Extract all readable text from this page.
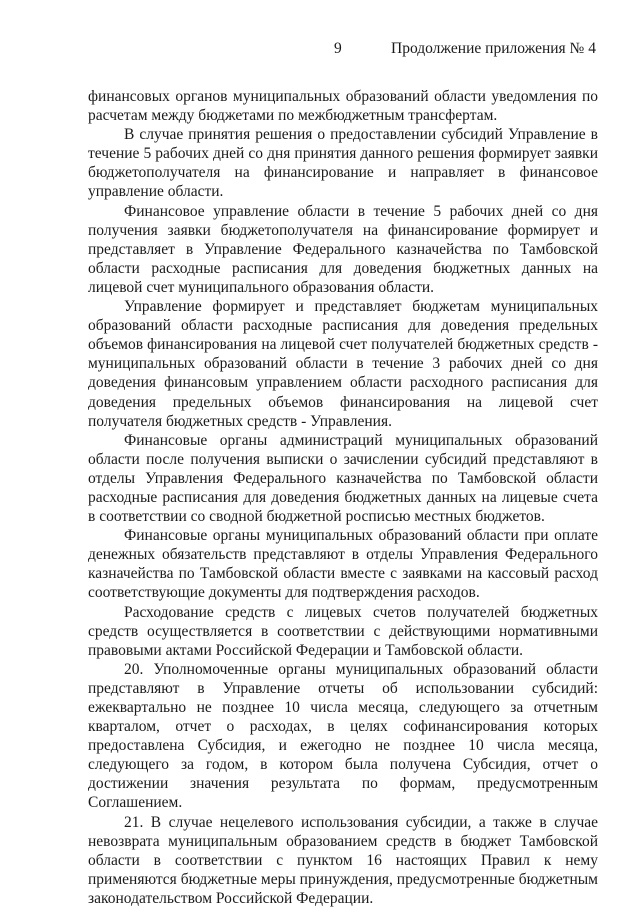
9	Продолжение приложения № 4

финансовых органов муниципальных образований области уведомления по расчетам между бюджетами по межбюджетным трансфертам.

В случае принятия решения о предоставлении субсидий Управление в течение 5 рабочих дней со дня принятия данного решения формирует заявки бюджетополучателя на финансирование и направляет в финансовое управление области.

Финансовое управление области в течение 5 рабочих дней со дня получения заявки бюджетополучателя на финансирование формирует и представляет в Управление Федерального казначейства по Тамбовской области расходные расписания для доведения бюджетных данных на лицевой счет муниципального образования области.

Управление формирует и представляет бюджетам муниципальных образований области расходные расписания для доведения предельных объемов финансирования на лицевой счет получателей бюджетных средств - муниципальных образований области в течение 3 рабочих дней со дня доведения финансовым управлением области расходного расписания для доведения предельных объемов финансирования на лицевой счет получателя бюджетных средств - Управления.

Финансовые органы администраций муниципальных образований области после получения выписки о зачислении субсидий представляют в отделы Управления Федерального казначейства по Тамбовской области расходные расписания для доведения бюджетных данных на лицевые счета в соответствии со сводной бюджетной росписью местных бюджетов.

Финансовые органы муниципальных образований области при оплате денежных обязательств представляют в отделы Управления Федерального казначейства по Тамбовской области вместе с заявками на кассовый расход соответствующие документы для подтверждения расходов.

Расходование средств с лицевых счетов получателей бюджетных средств осуществляется в соответствии с действующими нормативными правовыми актами Российской Федерации и Тамбовской области.

20. Уполномоченные органы муниципальных образований области представляют в Управление отчеты об использовании субсидий: ежеквартально не позднее 10 числа месяца, следующего за отчетным кварталом, отчет о расходах, в целях софинансирования которых предоставлена Субсидия, и ежегодно не позднее 10 числа месяца, следующего за годом, в котором была получена Субсидия, отчет о достижении значения результата по формам, предусмотренным Соглашением.

21. В случае нецелевого использования субсидии, а также в случае невозврата муниципальным образованием средств в бюджет Тамбовской области в соответствии с пунктом 16 настоящих Правил к нему применяются бюджетные меры принуждения, предусмотренные бюджетным законодательством Российской Федерации.
